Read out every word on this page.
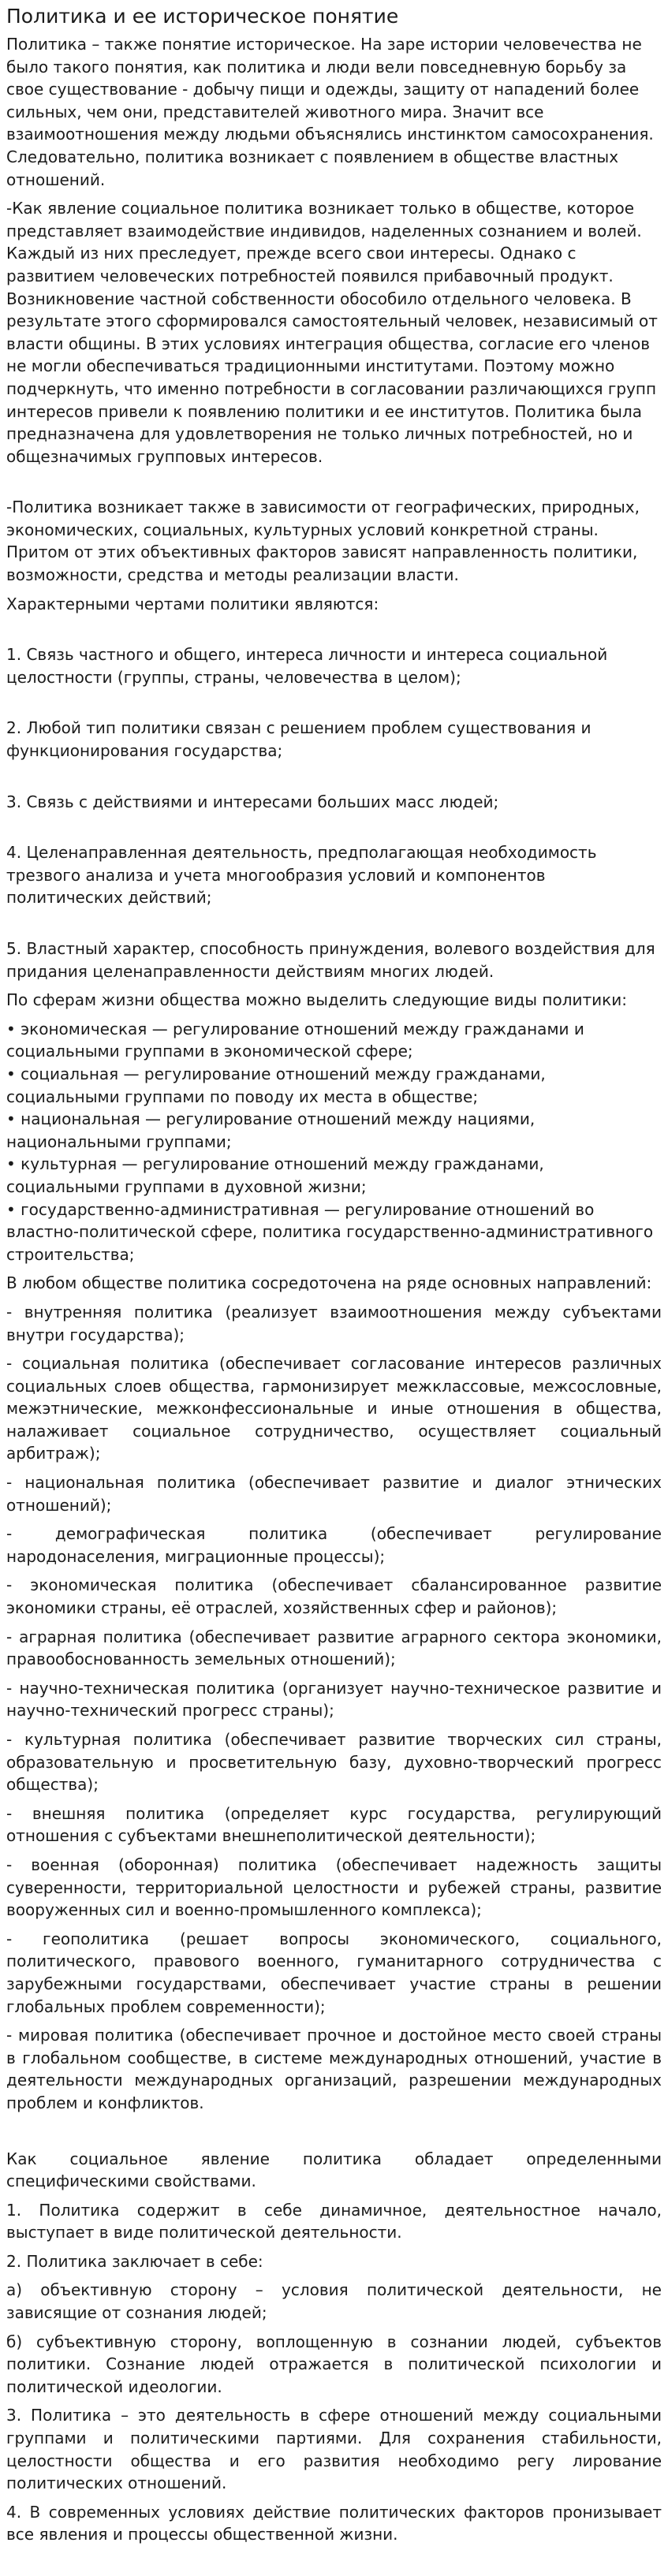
Политика и ее историческое понятие

Политика – также понятие историческое. На заре истории человечества не было такого понятия, как политика и люди вели повседневную борьбу за свое существование - добычу пищи и одежды, защиту от нападений более сильных, чем они, представителей животного мира. Значит все взаимоотношения между людьми объяснялись инстинктом самосохранения. Следовательно, политика возникает с появлением в обществе властных отношений.

-Как явление социальное политика возникает только в обществе, которое представляет взаимодействие индивидов, наделенных сознанием и волей. Каждый из них преследует, прежде всего свои интересы. Однако с развитием человеческих потребностей появился прибавочный продукт. Возникновение частной собственности обособило отдельного человека. В результате этого сформировался самостоятельный человек, независимый от власти общины. В этих условиях интеграция общества, согласие его членов не могли обеспечиваться традиционными институтами. Поэтому можно подчеркнуть, что именно потребности в согласовании различающихся групп интересов привели к появлению политики и ее институтов. Политика была предназначена для удовлетворения не только личных потребностей, но и общезначимых групповых интересов.

-Политика возникает также в зависимости от географических, природных, экономических, социальных, культурных условий конкретной страны. Притом от этих объективных факторов зависят направленность политики, возможности, средства и методы реализации власти.

Характерными чертами политики являются:

1. Связь частного и общего, интереса личности и интереса социальной целостности (группы, страны, человечества в целом);

2. Любой тип политики связан с решением проблем существования и функционирования государства;

3. Связь с действиями и интересами больших масс людей;

4. Целенаправленная деятельность, предполагающая необходимость трезвого анализа и учета многообразия условий и компонентов политических действий;

5. Властный характер, способность принуждения, волевого воздействия для придания целенаправленности действиям многих людей.

По сферам жизни общества можно выделить следующие виды политики:

• экономическая — регулирование отношений между гражданами и социальными группами в экономической сфере;
• социальная — регулирование отношений между гражданами, социальными группами по поводу их места в обществе;
• национальная — регулирование отношений между нациями, национальными группами;
• культурная — регулирование отношений между гражданами, социальными группами в духовной жизни;
• государственно-административная — регулирование отношений во властно-политической сфере, политика государственно-административного строительства;

В любом обществе политика сосредоточена на ряде основных направлений:

- внутренняя политика (реализует взаимоотношения между субъектами внутри государства);

- социальная политика (обеспечивает согласование интересов различных социальных слоев общества, гармонизирует межклассовые, межсословные, межэтнические, межконфессиональные и иные отношения в общества, налаживает социальное сотрудничество, осуществляет социальный арбитраж);

- национальная политика (обеспечивает развитие и диалог этнических отношений);

- демографическая политика (обеспечивает регулирование народонаселения, миграционные процессы);

- экономическая политика (обеспечивает сбалансированное развитие экономики страны, её отраслей, хозяйственных сфер и районов);

- аграрная политика (обеспечивает развитие аграрного сектора экономики, правообоснованность земельных отношений);

- научно-техническая политика (организует научно-техническое развитие и научно-технический прогресс страны);

- культурная политика (обеспечивает развитие творческих сил страны, образовательную и просветительную базу, духовно-творческий прогресс общества);

- внешняя политика (определяет курс государства, регулирующий отношения с субъектами внешнеполитической деятельности);

- военная (оборонная) политика (обеспечивает надежность защиты суверенности, территориальной целостности и рубежей страны, развитие вооруженных сил и военно-промышленного комплекса);

- геополитика (решает вопросы экономического, социального, политического, правового военного, гуманитарного сотрудничества с зарубежными государствами, обеспечивает участие страны в решении глобальных проблем современности);

- мировая политика (обеспечивает прочное и достойное место своей страны в глобальном сообществе, в системе международных отношений, участие в деятельности международных организаций, разрешении международных проблем и конфликтов.

Как социальное явление политика обладает определенными специфическими свойствами.

1. Политика содержит в себе динамичное, деятельностное начало, выступает в виде политической деятельности.

2. Политика заключает в себе:

а) объективную сторону – условия политической деятельности, не зависящие от сознания людей;

б) субъективную сторону, воплощенную в сознании людей, субъектов политики. Сознание людей отражается в политической психологии и политической идеологии.

3. Политика – это деятельность в сфере отношений между социальными группами и политическими партиями. Для сохранения стабильности, целостности общества и его развития необходимо регу лирование политических отношений.

4. В современных условиях действие политических факторов пронизывает все явления и процессы общественной жизни.
